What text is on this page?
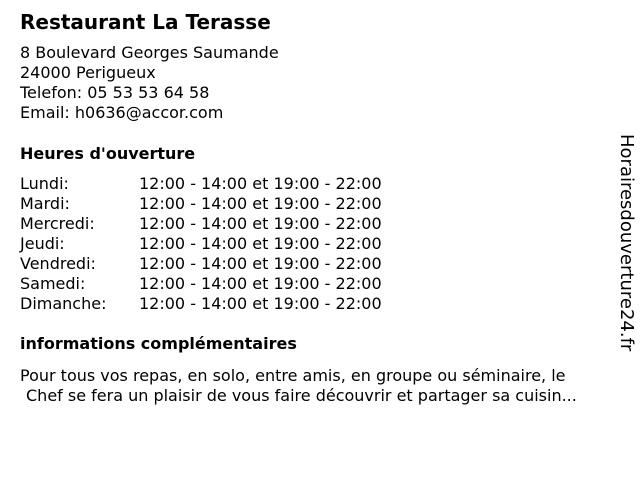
Restaurant La Terasse
8 Boulevard Georges Saumande
24000 Perigueux
Telefon: 05 53 53 64 58
Email: h0636@accor.com
Heures d'ouverture
Lundi:	12:00 - 14:00 et 19:00 - 22:00
Mardi:	12:00 - 14:00 et 19:00 - 22:00
Mercredi:	12:00 - 14:00 et 19:00 - 22:00
Jeudi:	12:00 - 14:00 et 19:00 - 22:00
Vendredi:	12:00 - 14:00 et 19:00 - 22:00
Samedi:	12:00 - 14:00 et 19:00 - 22:00
Dimanche: 12:00 - 14:00 et 19:00 - 22:00
informations complémentaires
Pour tous vos repas, en solo, entre amis, en groupe ou séminaire, le
Chef se fera un plaisir de vous faire découvrir et partager sa cuisin...
Horairesdouverture24.fr
